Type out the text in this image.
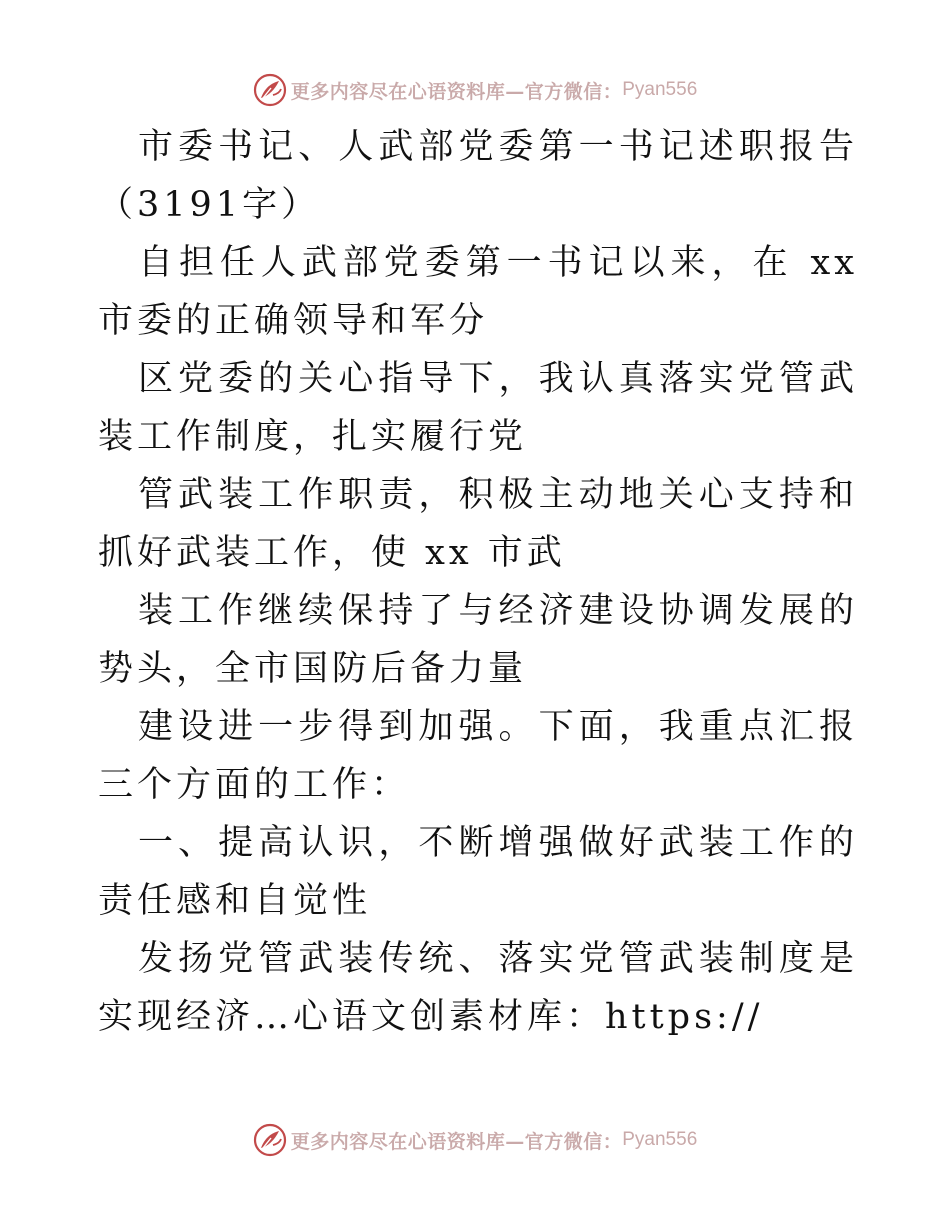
更多内容尽在心语资料库—官方微信： Pyan556

市委书记、人武部党委第一书记述职报告（3191字）

自担任人武部党委第一书记以来，在 xx 市委的正确领导和军分

区党委的关心指导下，我认真落实党管武装工作制度，扎实履行党

管武装工作职责，积极主动地关心支持和抓好武装工作，使 xx 市武

装工作继续保持了与经济建设协调发展的势头，全市国防后备力量

建设进一步得到加强。下面，我重点汇报三个方面的工作：

一、提高认识，不断增强做好武装工作的责任感和自觉性

发扬党管武装传统、落实党管武装制度是实现经济…心语文创素材库：https://

更多内容尽在心语资料库—官方微信： Pyan556
